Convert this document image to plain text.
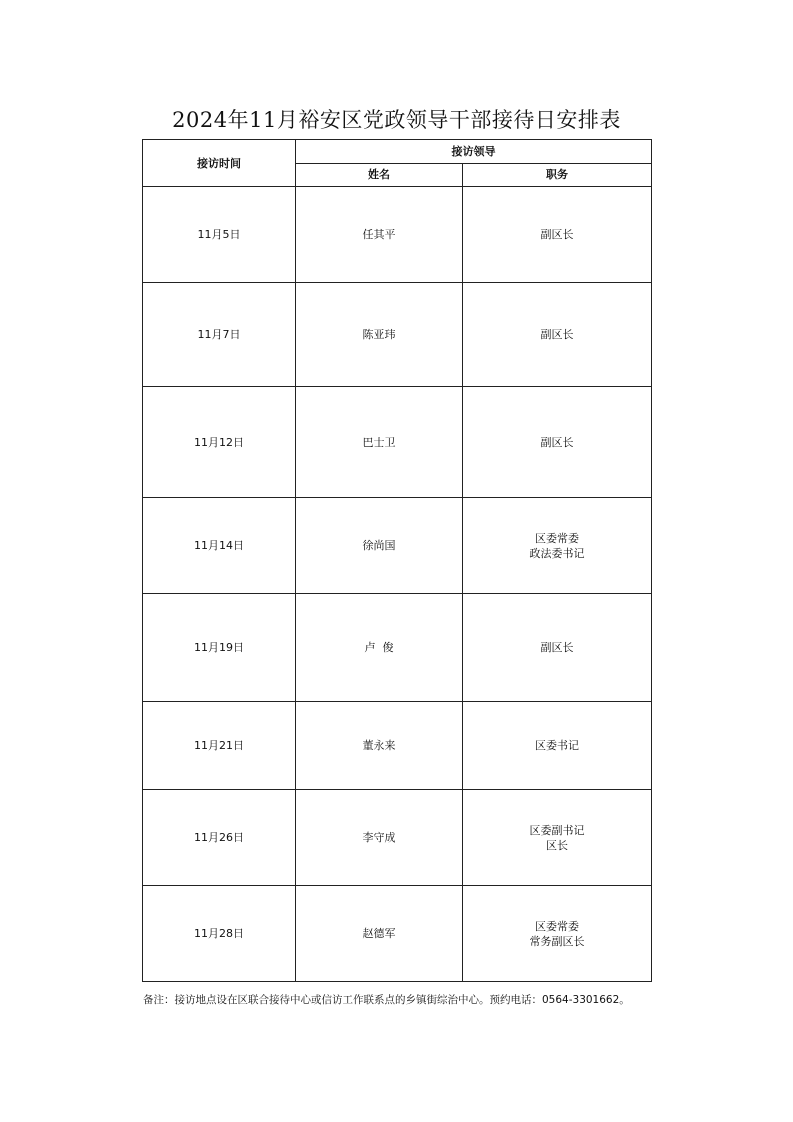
2024年11月裕安区党政领导干部接待日安排表
接访时间	接访领导	
	姓名	职务
11月5日	任其平	副区长

11月7日	陈亚玮	副区长

11月12日	巴士卫	副区长

11月14日	徐尚国	区委常委
政法委书记

11月19日	卢  俊	副区长

11月21日	董永来	区委书记

11月26日	李守成	区委副书记
区长

11月28日	赵德军	区委常委
常务副区长
备注：接访地点设在区联合接待中心或信访工作联系点的乡镇街综治中心。预约电话：0564-3301662。
